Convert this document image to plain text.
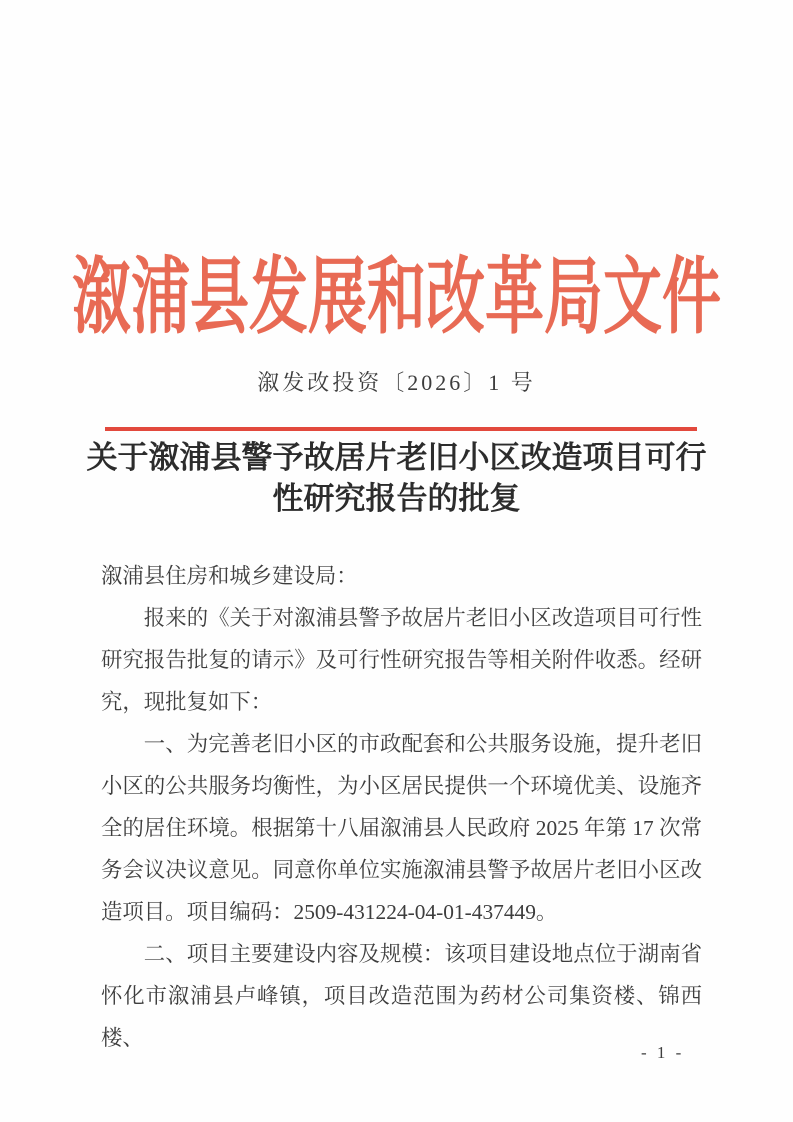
溆浦县发展和改革局文件
溆发改投资〔2026〕1 号
关于溆浦县警予故居片老旧小区改造项目可行性研究报告的批复

溆浦县住房和城乡建设局：

报来的《关于对溆浦县警予故居片老旧小区改造项目可行性研究报告批复的请示》及可行性研究报告等相关附件收悉。经研究，现批复如下：

一、为完善老旧小区的市政配套和公共服务设施，提升老旧小区的公共服务均衡性，为小区居民提供一个环境优美、设施齐全的居住环境。根据第十八届溆浦县人民政府 2025 年第 17 次常务会议决议意见。同意你单位实施溆浦县警予故居片老旧小区改造项目。项目编码：2509-431224-04-01-437449。

二、项目主要建设内容及规模：该项目建设地点位于湖南省怀化市溆浦县卢峰镇，项目改造范围为药材公司集资楼、锦西楼、

- 1 -
